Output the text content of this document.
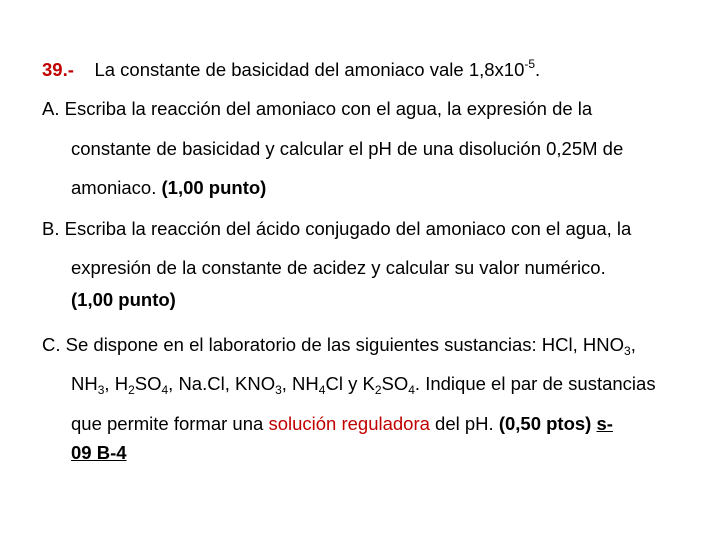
39.- La constante de basicidad del amoniaco vale $1,8x10^{-5}$.
A. Escriba la reacción del amoniaco con el agua, la expresión de la
constante de basicidad y calcular el pH de una disolución 0,25M de
amoniaco. (1,00 punto)
B. Escriba la reacción del ácido conjugado del amoniaco con el agua, la
expresión de la constante de acidez y calcular su valor numérico.
(1,00 punto)
C. Se dispone en el laboratorio de las siguientes sustancias: HCl, $HNO_3$,
$NH_3$, $H_2SO_4$, Na.Cl, $KNO_3$, $NH_4Cl$ y $K_2SO_4$. Indique el par de sustancias
que permite formar una solución reguladora del pH. (0,50 ptos) s-
09 B-4
